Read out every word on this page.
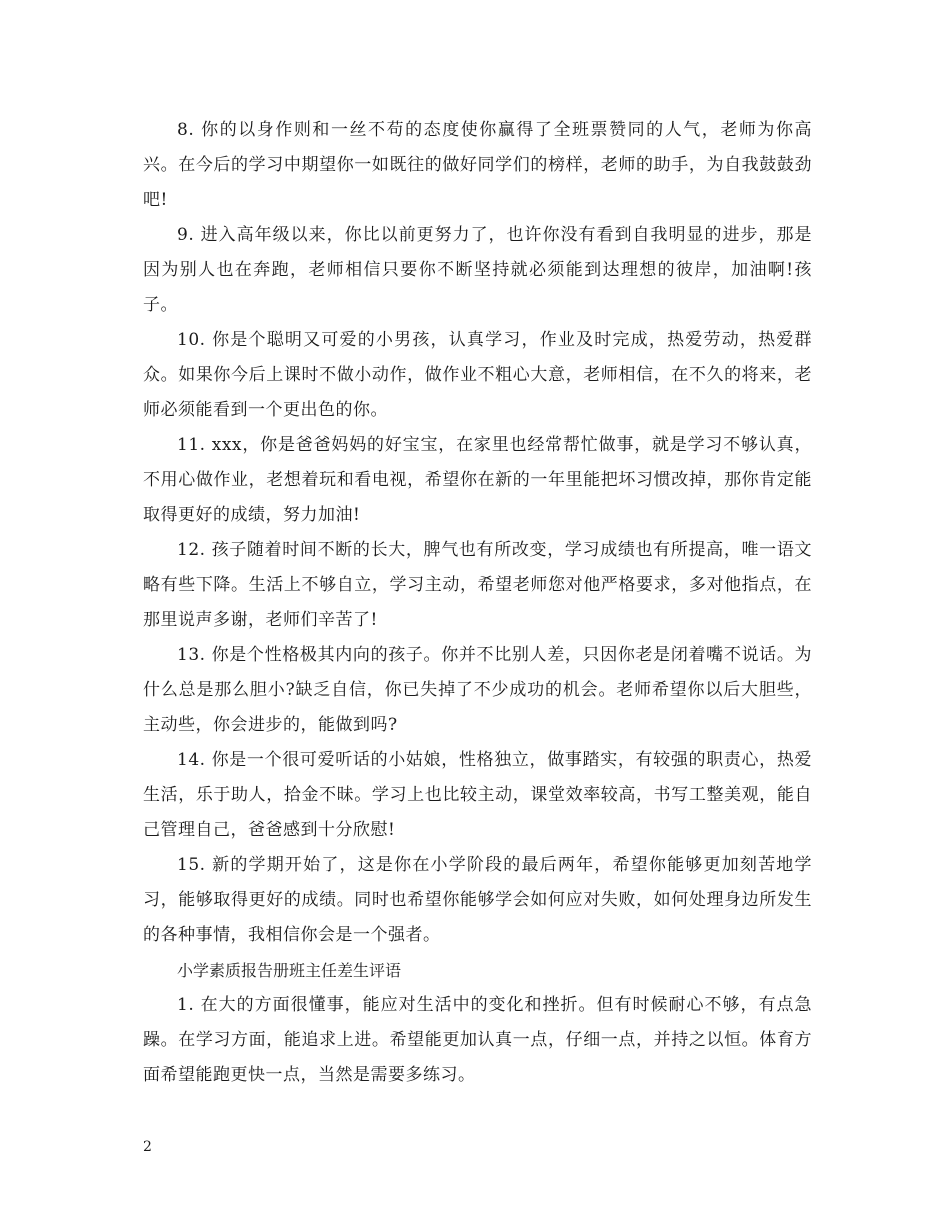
8. 你的以身作则和一丝不苟的态度使你赢得了全班票赞同的人气，老师为你高兴。在今后的学习中期望你一如既往的做好同学们的榜样，老师的助手，为自我鼓鼓劲吧!

9. 进入高年级以来，你比以前更努力了，也许你没有看到自我明显的进步，那是因为别人也在奔跑，老师相信只要你不断坚持就必须能到达理想的彼岸，加油啊!孩子。

10. 你是个聪明又可爱的小男孩，认真学习，作业及时完成，热爱劳动，热爱群众。如果你今后上课时不做小动作，做作业不粗心大意，老师相信，在不久的将来，老师必须能看到一个更出色的你。

11. xxx，你是爸爸妈妈的好宝宝，在家里也经常帮忙做事，就是学习不够认真，不用心做作业，老想着玩和看电视，希望你在新的一年里能把坏习惯改掉，那你肯定能取得更好的成绩，努力加油!

12. 孩子随着时间不断的长大，脾气也有所改变，学习成绩也有所提高，唯一语文略有些下降。生活上不够自立，学习主动，希望老师您对他严格要求，多对他指点，在那里说声多谢，老师们辛苦了!

13. 你是个性格极其内向的孩子。你并不比别人差，只因你老是闭着嘴不说话。为什么总是那么胆小?缺乏自信，你已失掉了不少成功的机会。老师希望你以后大胆些，主动些，你会进步的，能做到吗?

14. 你是一个很可爱听话的小姑娘，性格独立，做事踏实，有较强的职责心，热爱生活，乐于助人，拾金不昧。学习上也比较主动，课堂效率较高，书写工整美观，能自己管理自己，爸爸感到十分欣慰!

15. 新的学期开始了，这是你在小学阶段的最后两年，希望你能够更加刻苦地学习，能够取得更好的成绩。同时也希望你能够学会如何应对失败，如何处理身边所发生的各种事情，我相信你会是一个强者。

小学素质报告册班主任差生评语

1. 在大的方面很懂事，能应对生活中的变化和挫折。但有时候耐心不够，有点急躁。在学习方面，能追求上进。希望能更加认真一点，仔细一点，并持之以恒。体育方面希望能跑更快一点，当然是需要多练习。

2
